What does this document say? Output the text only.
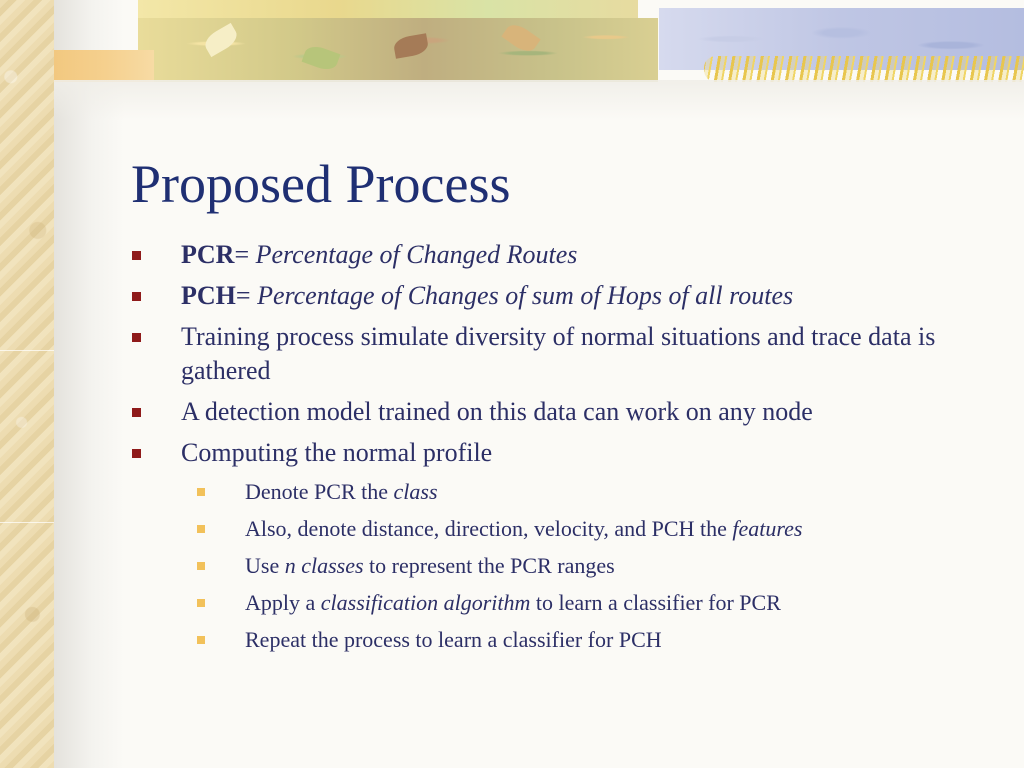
Proposed Process
PCR= Percentage of Changed Routes
PCH= Percentage of Changes of sum of Hops of all routes
Training process simulate diversity of normal situations and trace data is gathered
A detection model trained on this data can work on any node
Computing the normal profile
Denote PCR the class
Also, denote distance, direction, velocity, and PCH the features
Use n classes to represent the PCR ranges
Apply a classification algorithm to learn a classifier for PCR
Repeat the process to learn a classifier for PCH
